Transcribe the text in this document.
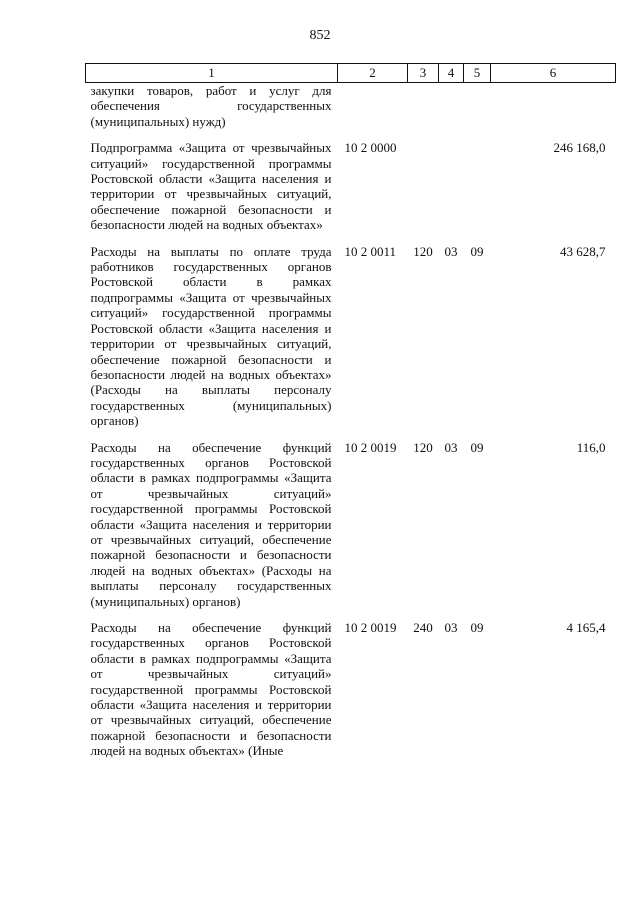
852
1	2	3	4	5	6
закупки товаров, работ и услуг для обеспечения государственных (муниципальных) нужд)					

Подпрограмма «Защита от чрезвычайных ситуаций» государственной программы Ростовской области «Защита населения и территории от чрезвычайных ситуаций, обеспечение пожарной безопасности и безопасности людей на водных объектах»	10 2 0000				246 168,0

Расходы на выплаты по оплате труда работников государственных органов Ростовской области в рамках подпрограммы «Защита от чрезвычайных ситуаций» государственной программы Ростовской области «Защита населения и территории от чрезвычайных ситуаций, обеспечение пожарной безопасности и безопасности людей на водных объектах» (Расходы на выплаты персоналу государственных (муниципальных) органов)	10 2 0011	120	03	09	43 628,7

Расходы на обеспечение функций государственных органов Ростовской области в рамках подпрограммы «Защита от чрезвычайных ситуаций» государственной программы Ростовской области «Защита населения и территории от чрезвычайных ситуаций, обеспечение пожарной безопасности и безопасности людей на водных объектах» (Расходы на выплаты персоналу государственных (муниципальных) органов)	10 2 0019	120	03	09	116,0

Расходы на обеспечение функций государственных органов Ростовской области в рамках подпрограммы «Защита от чрезвычайных ситуаций» государственной программы Ростовской области «Защита населения и территории от чрезвычайных ситуаций, обеспечение пожарной безопасности и безопасности людей на водных объектах» (Иные	10 2 0019	240	03	09	4 165,4
